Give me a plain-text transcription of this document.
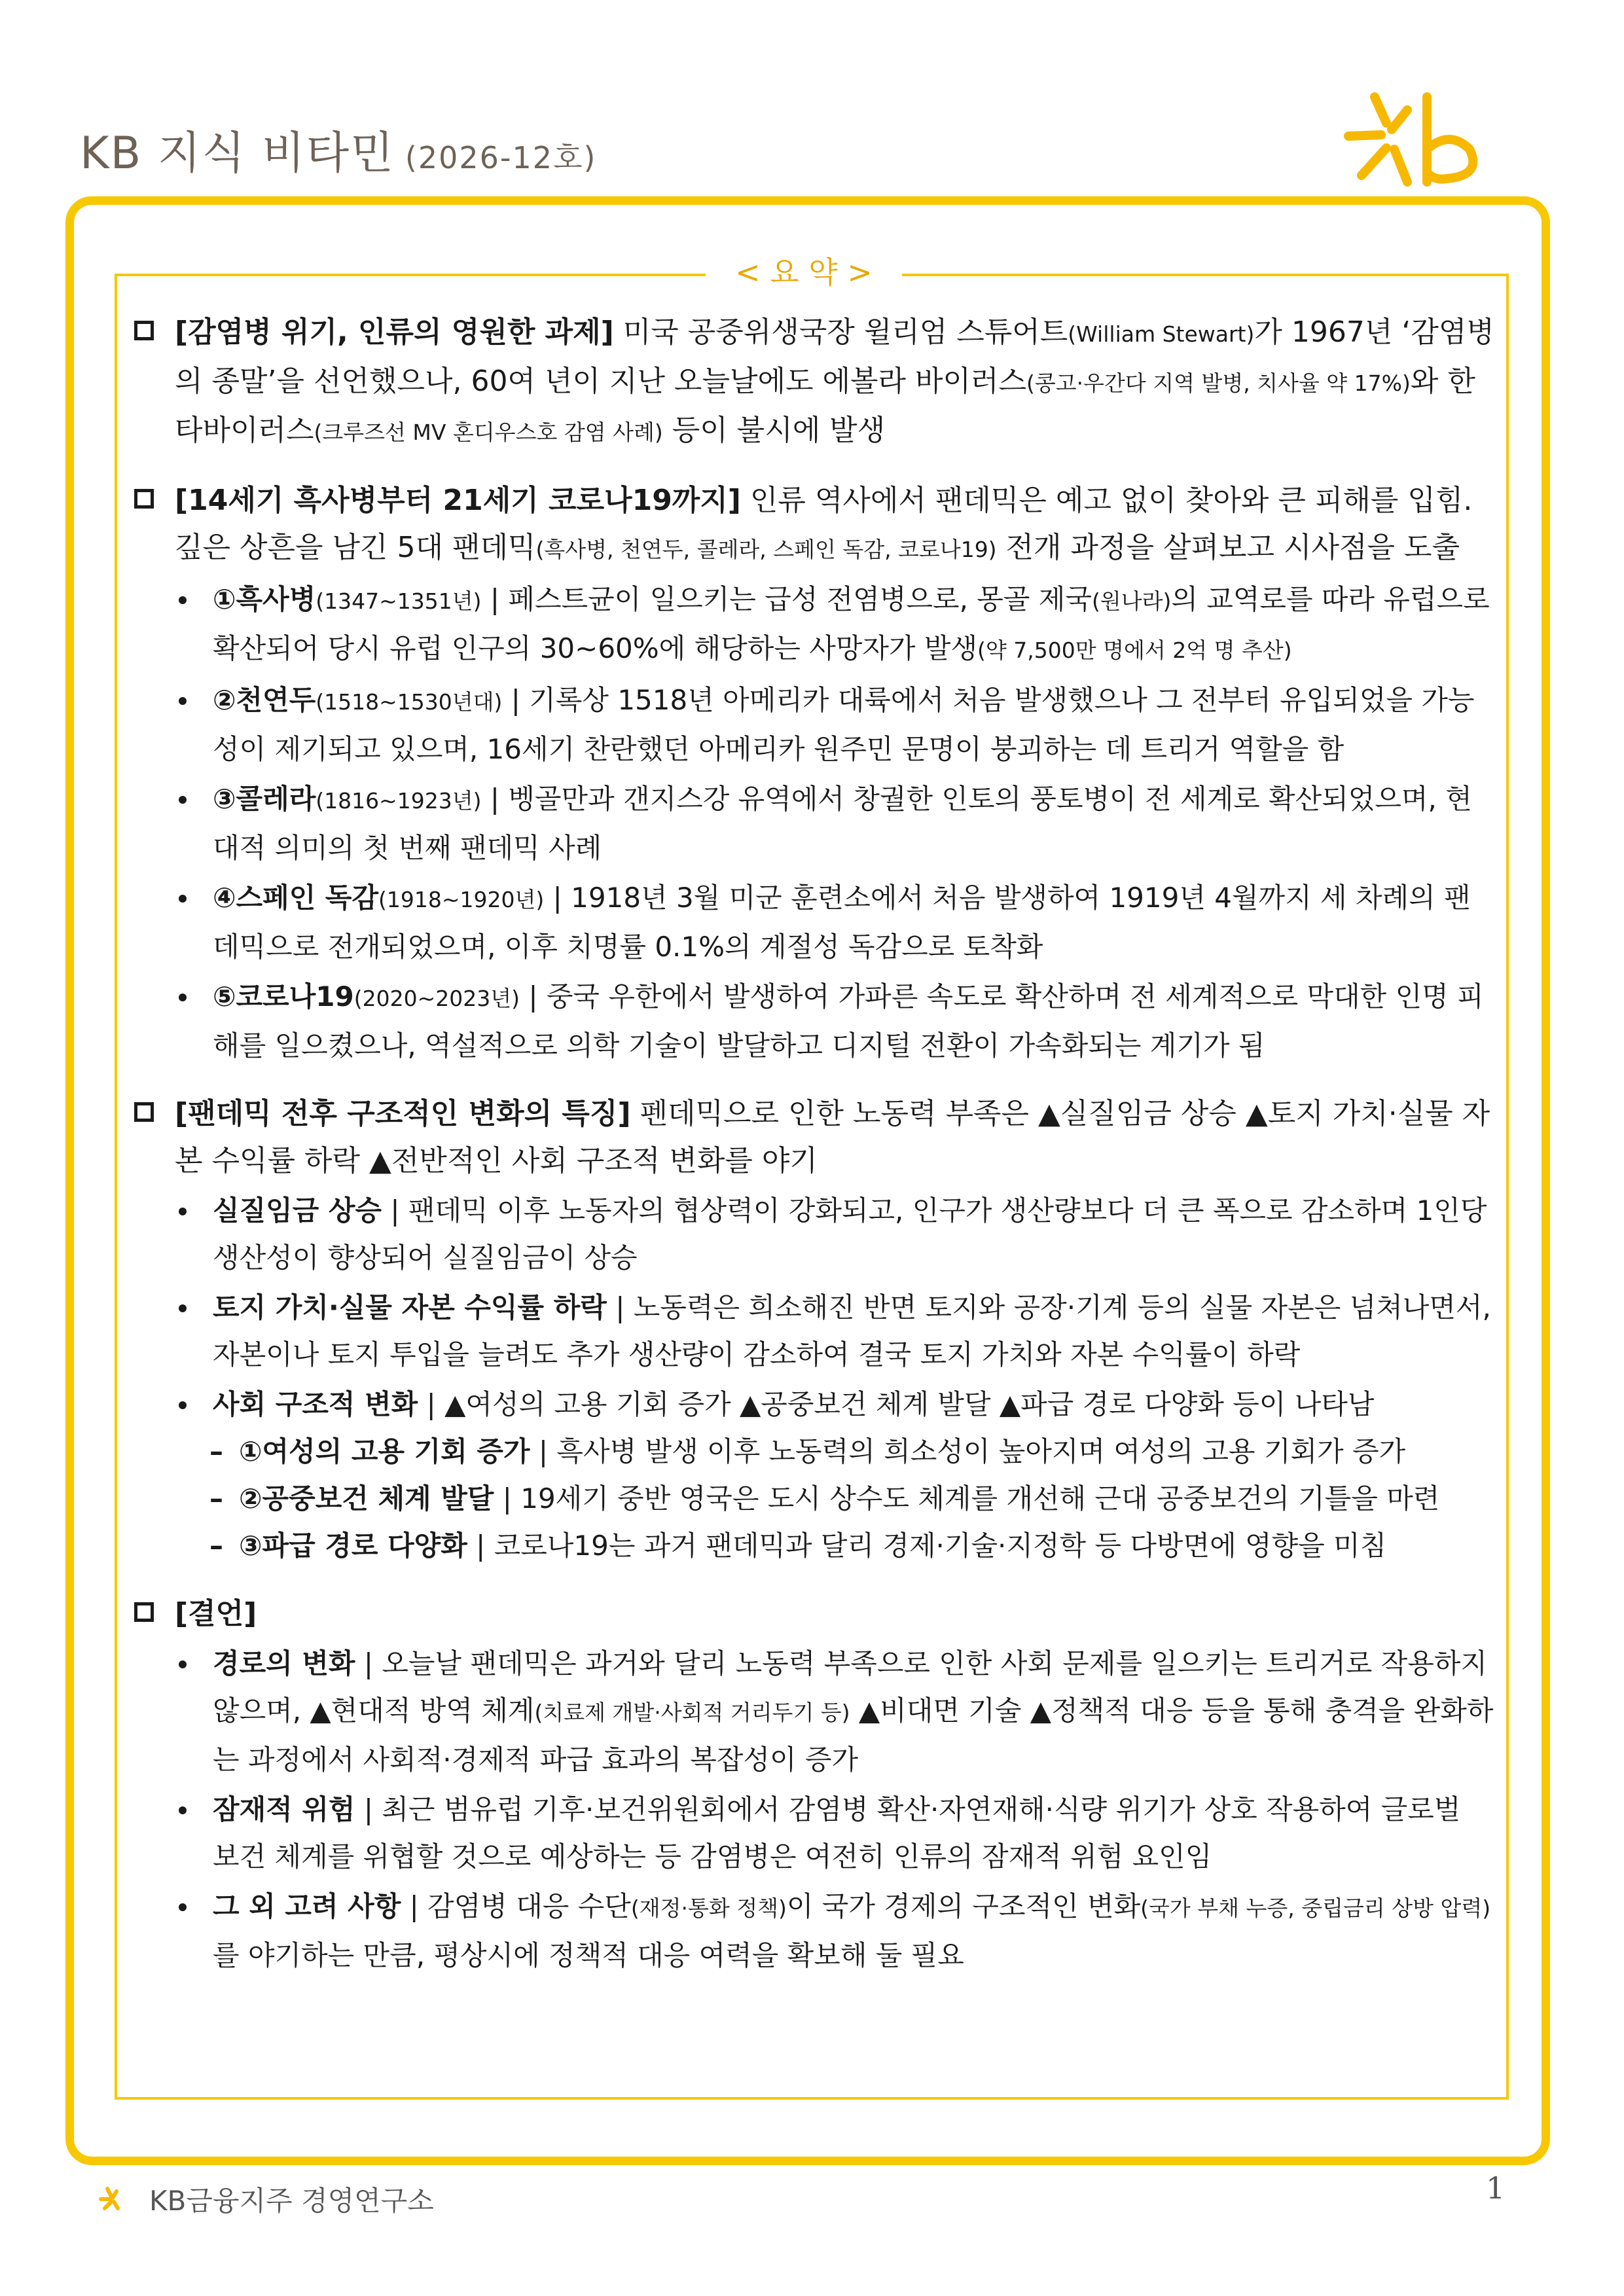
KB 지식 비타민 (2026-12호)
< 요 약 >
[감염병 위기, 인류의 영원한 과제] 미국 공중위생국장 윌리엄 스튜어트(William Stewart)가 1967년 ‘감염병의 종말’을 선언했으나, 60여 년이 지난 오늘날에도 에볼라 바이러스(콩고·우간다 지역 발병, 치사율 약 17%)와 한타바이러스(크루즈선 MV 혼디우스호 감염 사례) 등이 불시에 발생
[14세기 흑사병부터 21세기 코로나19까지] 인류 역사에서 팬데믹은 예고 없이 찾아와 큰 피해를 입힘. 깊은 상흔을 남긴 5대 팬데믹(흑사병, 천연두, 콜레라, 스페인 독감, 코로나19) 전개 과정을 살펴보고 시사점을 도출
①흑사병(1347~1351년) | 페스트균이 일으키는 급성 전염병으로, 몽골 제국(원나라)의 교역로를 따라 유럽으로 확산되어 당시 유럽 인구의 30~60%에 해당하는 사망자가 발생(약 7,500만 명에서 2억 명 추산)
②천연두(1518~1530년대) | 기록상 1518년 아메리카 대륙에서 처음 발생했으나 그 전부터 유입되었을 가능성이 제기되고 있으며, 16세기 찬란했던 아메리카 원주민 문명이 붕괴하는 데 트리거 역할을 함
③콜레라(1816~1923년) | 벵골만과 갠지스강 유역에서 창궐한 인토의 풍토병이 전 세계로 확산되었으며, 현대적 의미의 첫 번째 팬데믹 사례
④스페인 독감(1918~1920년) | 1918년 3월 미군 훈련소에서 처음 발생하여 1919년 4월까지 세 차례의 팬데믹으로 전개되었으며, 이후 치명률 0.1%의 계절성 독감으로 토착화
⑤코로나19(2020~2023년) | 중국 우한에서 발생하여 가파른 속도로 확산하며 전 세계적으로 막대한 인명 피해를 일으켰으나, 역설적으로 의학 기술이 발달하고 디지털 전환이 가속화되는 계기가 됨
[팬데믹 전후 구조적인 변화의 특징] 펜데믹으로 인한 노동력 부족은 ▲실질임금 상승 ▲토지 가치·실물 자본 수익률 하락 ▲전반적인 사회 구조적 변화를 야기
실질임금 상승 | 팬데믹 이후 노동자의 협상력이 강화되고, 인구가 생산량보다 더 큰 폭으로 감소하며 1인당 생산성이 향상되어 실질임금이 상승
토지 가치·실물 자본 수익률 하락 | 노동력은 희소해진 반면 토지와 공장·기계 등의 실물 자본은 넘쳐나면서, 자본이나 토지 투입을 늘려도 추가 생산량이 감소하여 결국 토지 가치와 자본 수익률이 하락
사회 구조적 변화 | ▲여성의 고용 기회 증가 ▲공중보건 체계 발달 ▲파급 경로 다양화 등이 나타남
– ①여성의 고용 기회 증가 | 흑사병 발생 이후 노동력의 희소성이 높아지며 여성의 고용 기회가 증가
– ②공중보건 체계 발달 | 19세기 중반 영국은 도시 상수도 체계를 개선해 근대 공중보건의 기틀을 마련
– ③파급 경로 다양화 | 코로나19는 과거 팬데믹과 달리 경제·기술·지정학 등 다방면에 영향을 미침
[결언]
경로의 변화 | 오늘날 팬데믹은 과거와 달리 노동력 부족으로 인한 사회 문제를 일으키는 트리거로 작용하지 않으며, ▲현대적 방역 체계(치료제 개발·사회적 거리두기 등) ▲비대면 기술 ▲정책적 대응 등을 통해 충격을 완화하는 과정에서 사회적·경제적 파급 효과의 복잡성이 증가
잠재적 위험 | 최근 범유럽 기후·보건위원회에서 감염병 확산·자연재해·식량 위기가 상호 작용하여 글로벌 보건 체계를 위협할 것으로 예상하는 등 감염병은 여전히 인류의 잠재적 위험 요인임
그 외 고려 사항 | 감염병 대응 수단(재정·통화 정책)이 국가 경제의 구조적인 변화(국가 부채 누증, 중립금리 상방 압력)를 야기하는 만큼, 평상시에 정책적 대응 여력을 확보해 둘 필요
KB금융지주 경영연구소	1
